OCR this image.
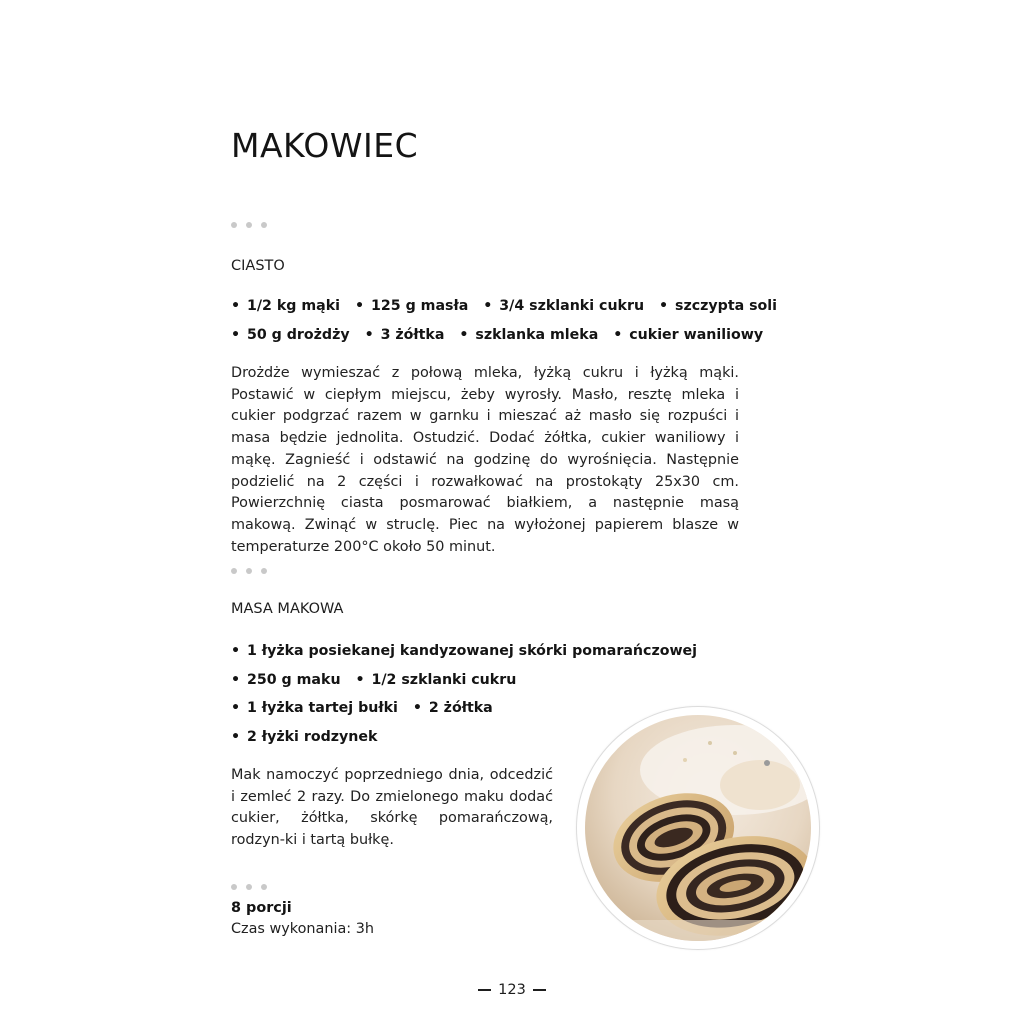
MAKOWIEC

CIASTO

• 1/2 kg mąki • 125 g masła • 3/4 szklanki cukru • szczypta soli
• 50 g drożdży • 3 żółtka • szklanka mleka • cukier waniliowy

Drożdże wymieszać z połową mleka, łyżką cukru i łyżką mąki. Postawić w ciepłym miejscu, żeby wyrosły. Masło, resztę mleka i cukier podgrzać razem w garnku i mieszać aż masło się rozpuści i masa będzie jednolita. Ostudzić. Dodać żółtka, cukier waniliowy i mąkę. Zagnieść i odstawić na godzinę do wyrośnięcia. Następnie podzielić na 2 części i rozwałkować na prostokąty 25x30 cm. Powierzchnię ciasta posmarować białkiem, a następnie masą makową. Zwinąć w struclę. Piec na wyłożonej papierem blasze w temperaturze 200°C około 50 minut.

MASA MAKOWA

• 1 łyżka posiekanej kandyzowanej skórki pomarańczowej
• 250 g maku • 1/2 szklanki cukru
• 1 łyżka tartej bułki • 2 żółtka
• 2 łyżki rodzynek

Mak namoczyć poprzedniego dnia, odcedzić i zemleć 2 razy. Do zmielonego maku dodać cukier, żółtka, skórkę pomarańczową, rodzyn-ki i tartą bułkę.

8 porcji

Czas wykonania: 3h

123
